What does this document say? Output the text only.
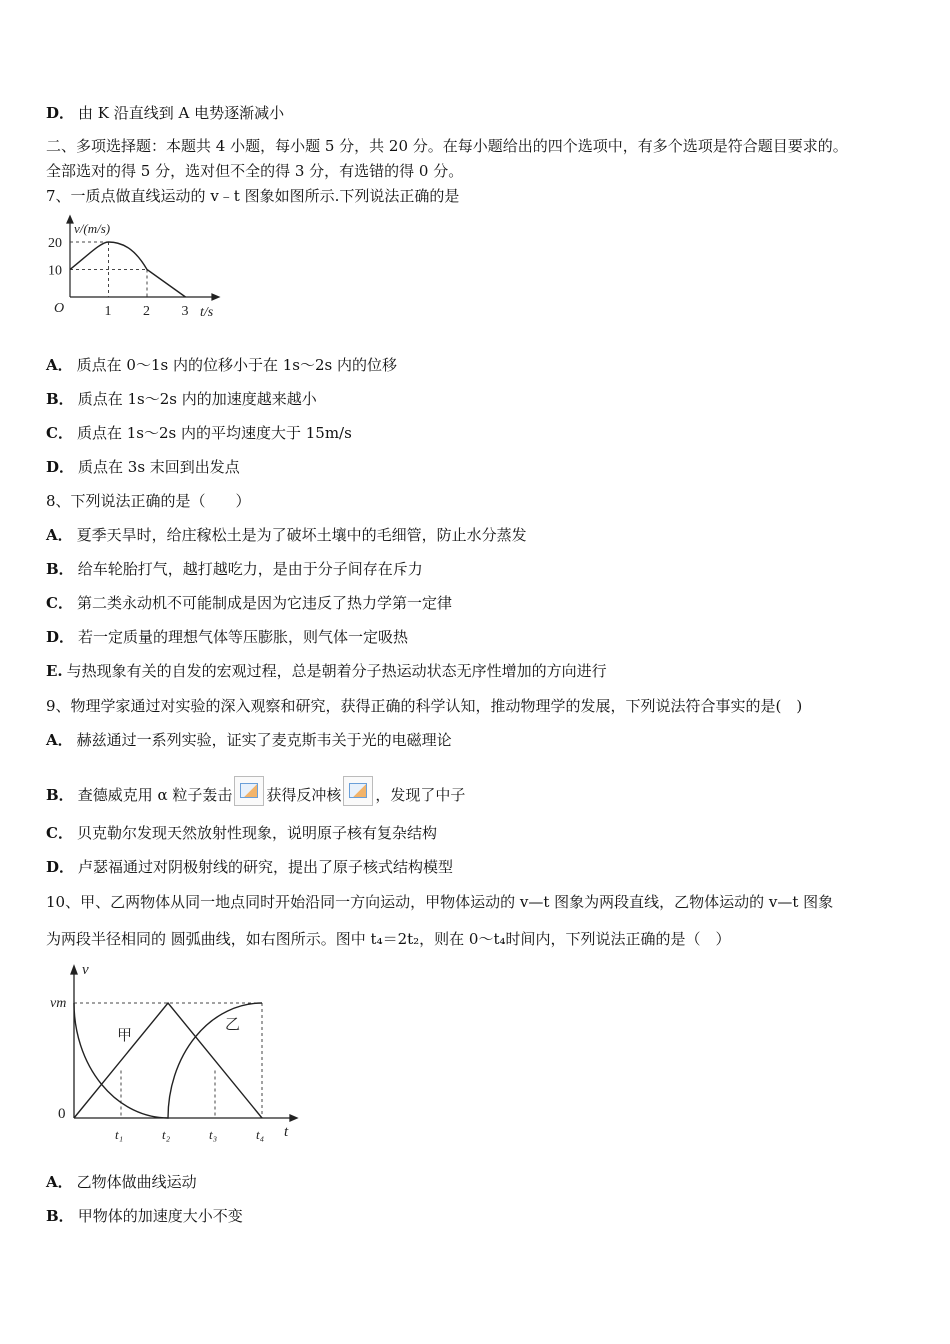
D． 由 K 沿直线到 A 电势逐渐减小
二、多项选择题：本题共 4 小题，每小题 5 分，共 20 分。在每小题给出的四个选项中，有多个选项是符合题目要求的。
全部选对的得 5 分，选对但不全的得 3 分，有选错的得 0 分。
7、一质点做直线运动的 v﹣t 图象如图所示.下列说法正确的是
v/(m/s)
t/s
O
10
20
1 2 3
A． 质点在 0～1s 内的位移小于在 1s～2s 内的位移
B． 质点在 1s～2s 内的加速度越来越小
C． 质点在 1s～2s 内的平均速度大于 15m/s
D． 质点在 3s 末回到出发点
8、下列说法正确的是（　　）
A． 夏季天旱时，给庄稼松土是为了破坏土壤中的毛细管，防止水分蒸发
B． 给车轮胎打气，越打越吃力，是由于分子间存在斥力
C． 第二类永动机不可能制成是因为它违反了热力学第一定律
D． 若一定质量的理想气体等压膨胀，则气体一定吸热
E. 与热现象有关的自发的宏观过程，总是朝着分子热运动状态无序性增加的方向进行
9、物理学家通过对实验的深入观察和研究，获得正确的科学认知，推动物理学的发展，下列说法符合事实的是(　)
A． 赫兹通过一系列实验，证实了麦克斯韦关于光的电磁理论
B． 查德威克用 α 粒子轰击 获得反冲核 ，发现了中子
C． 贝克勒尔发现天然放射性现象，说明原子核有复杂结构
D． 卢瑟福通过对阴极射线的研究，提出了原子核式结构模型
10、甲、乙两物体从同一地点同时开始沿同一方向运动，甲物体运动的 v—t 图象为两段直线，乙物体运动的 v—t 图象
为两段半径相同的 圆弧曲线，如右图所示。图中 t₄＝2t₂，则在 0～t₄时间内，下列说法正确的是（　）
v
t
vm
0
t₁	t₂	t₃	t₄
甲
乙
A． 乙物体做曲线运动
B． 甲物体的加速度大小不变
